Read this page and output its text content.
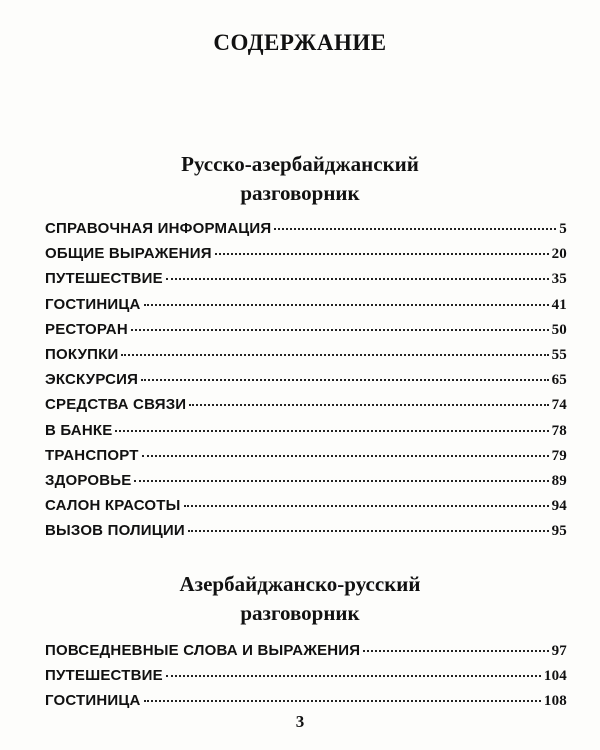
СОДЕРЖАНИЕ
Русско-азербайджанский
разговорник
СПРАВОЧНАЯ ИНФОРМАЦИЯ	5
ОБЩИЕ ВЫРАЖЕНИЯ	20
ПУТЕШЕСТВИЕ	35
ГОСТИНИЦА	41
РЕСТОРАН	50
ПОКУПКИ	55
ЭКСКУРСИЯ	65
СРЕДСТВА СВЯЗИ	74
В БАНКЕ	78
ТРАНСПОРТ	79
ЗДОРОВЬЕ	89
САЛОН КРАСОТЫ	94
ВЫЗОВ ПОЛИЦИИ	95
Азербайджанско-русский
разговорник
ПОВСЕДНЕВНЫЕ СЛОВА И ВЫРАЖЕНИЯ	97
ПУТЕШЕСТВИЕ	104
ГОСТИНИЦА	108
3
